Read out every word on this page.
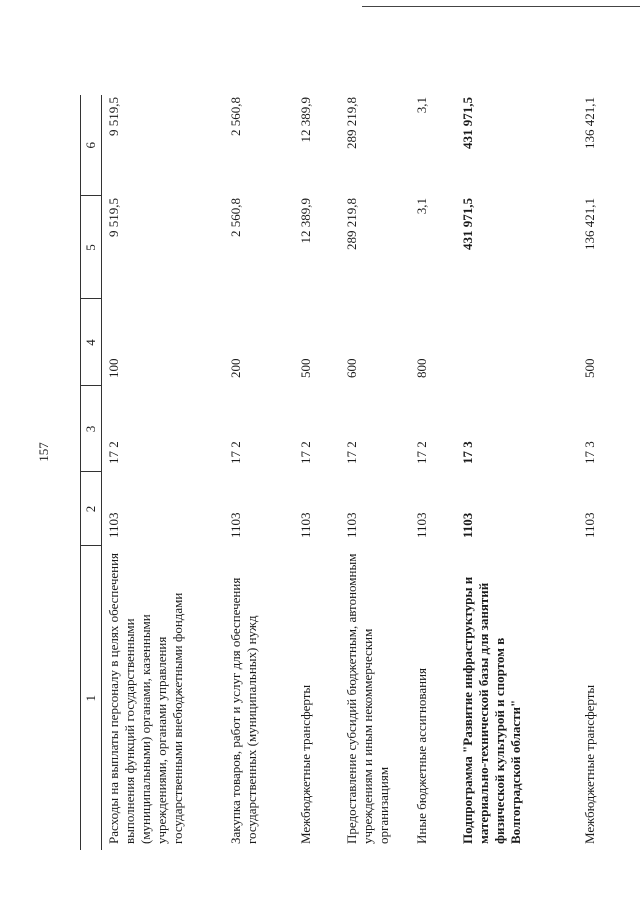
157
1	2	3	4	5	6
Расходы на выплаты персоналу в целях обеспечения выполнения функций государственными (муниципальными) органами, казенными учреждениями, органами управления государственными внебюджетными фондами	1103	17 2	100	9 519,5	9 519,5
Закупка товаров, работ и услуг для обеспечения государственных (муниципальных) нужд	1103	17 2	200	2 560,8	2 560,8
Межбюджетные трансферты	1103	17 2	500	12 389,9	12 389,9
Предоставление субсидий бюджетным, автономным учреждениям и иным некоммерческим организациям	1103	17 2	600	289 219,8	289 219,8
Иные бюджетные ассигнования	1103	17 2	800	3,1	3,1
Подпрограмма "Развитие инфраструктуры и материально-технической базы для занятий физической культурой и спортом в Волгоградской области"	1103	17 3		431 971,5	431 971,5
Межбюджетные трансферты	1103	17 3	500	136 421,1	136 421,1
